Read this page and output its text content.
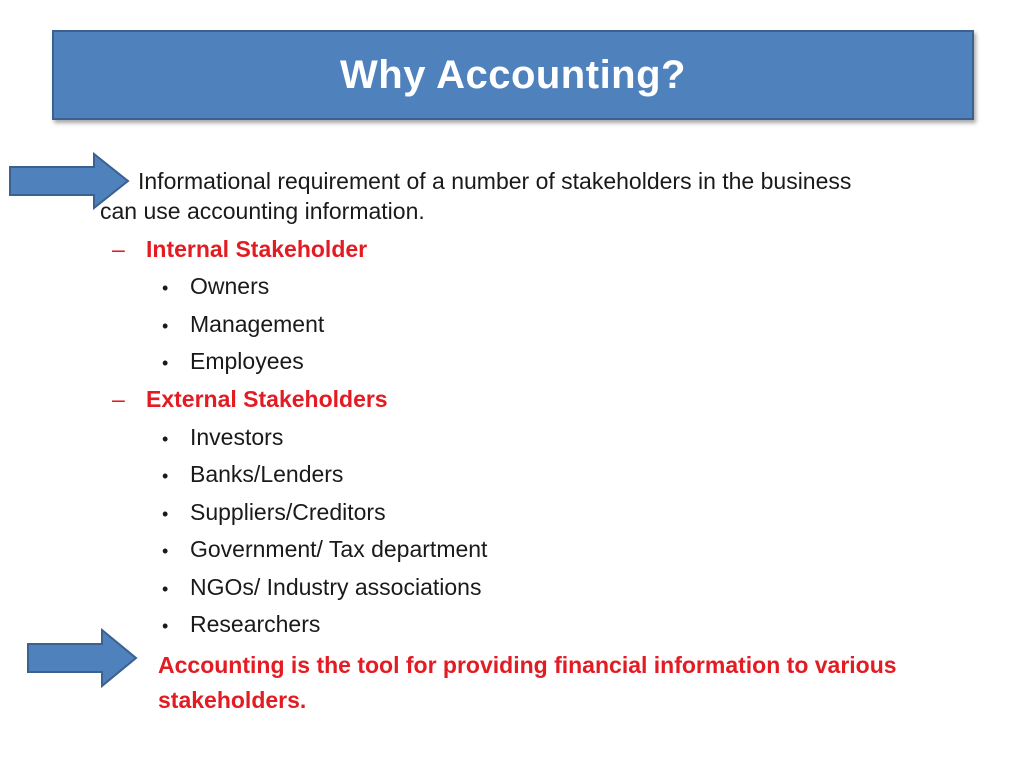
Why Accounting?
Informational requirement of a number of stakeholders in the business
can use accounting information.
– Internal Stakeholder
• Owners
• Management
• Employees
– External Stakeholders
• Investors
• Banks/Lenders
• Suppliers/Creditors
• Government/ Tax department
• NGOs/ Industry associations
• Researchers
Accounting is the tool for providing financial information to various stakeholders.
